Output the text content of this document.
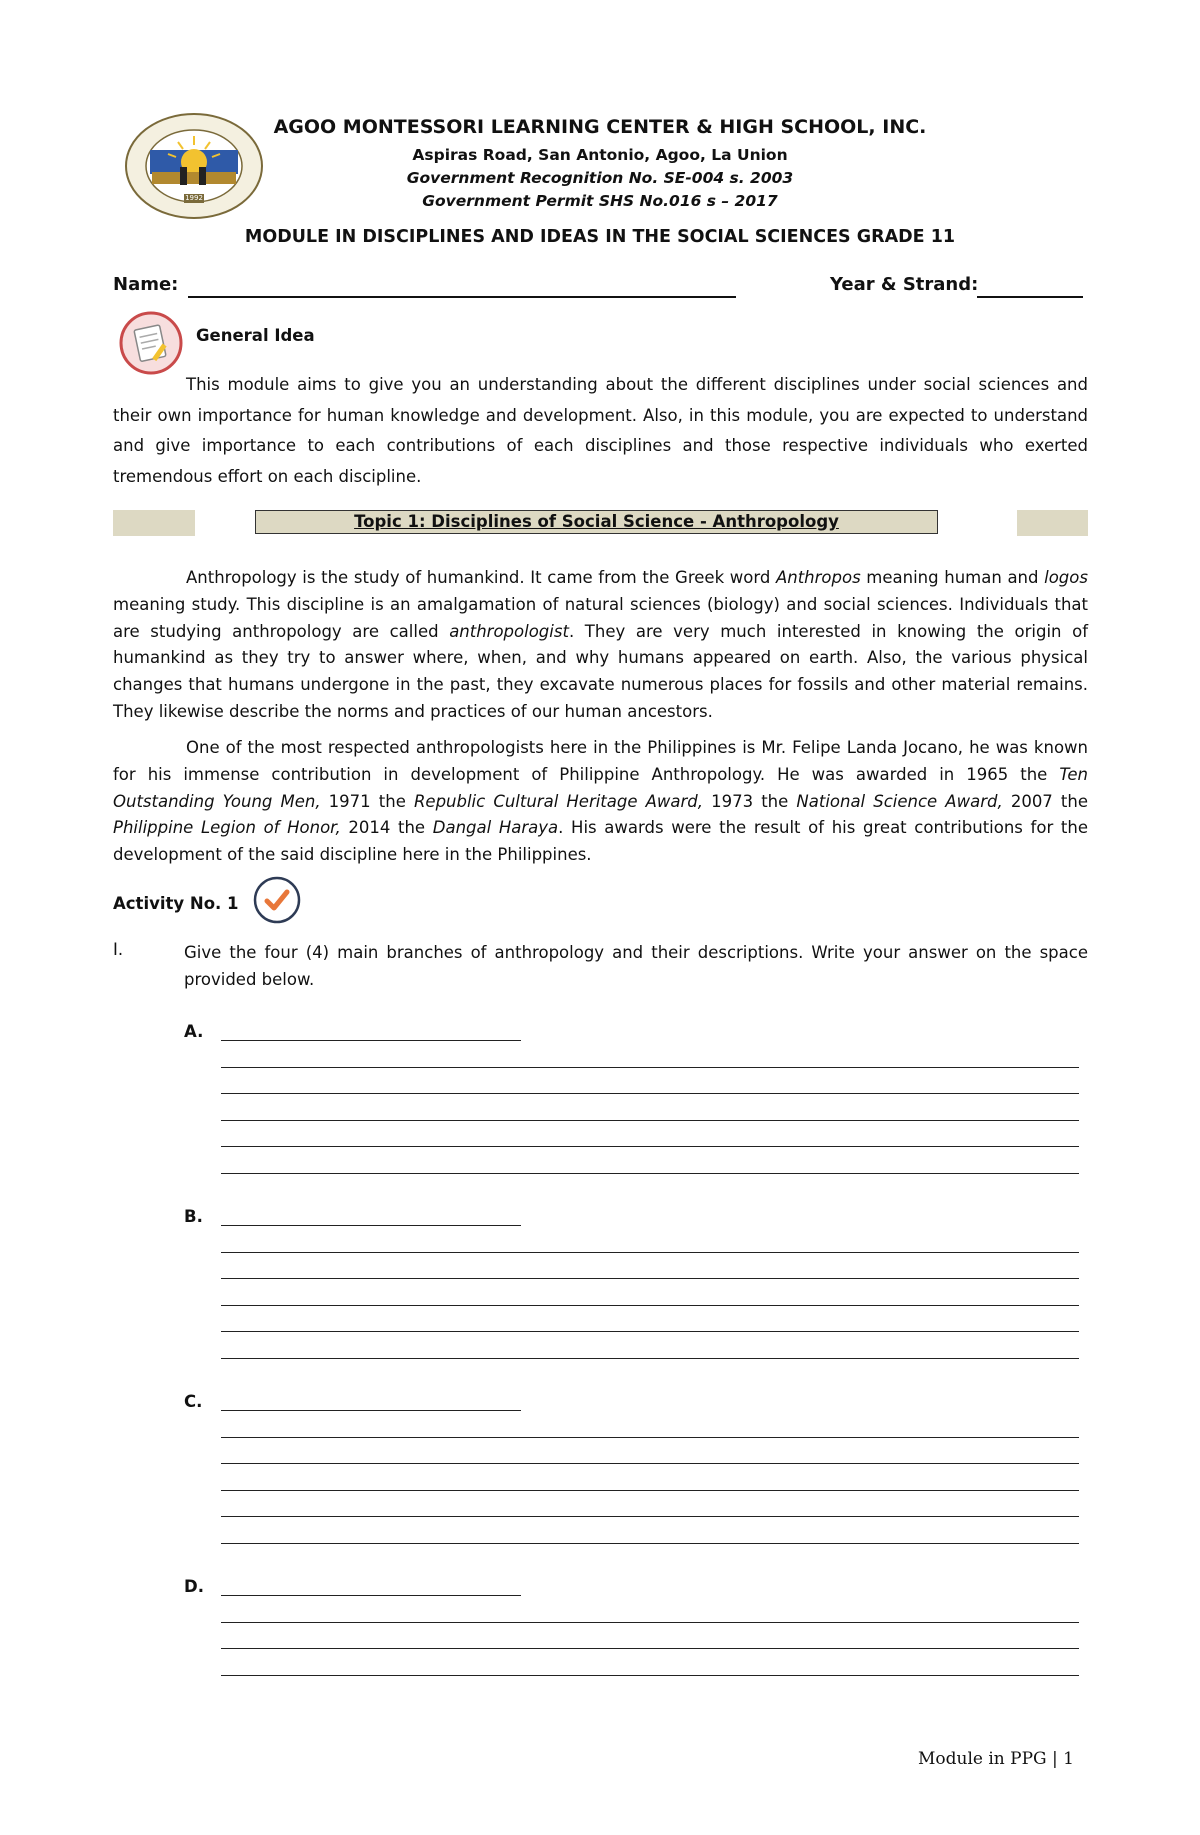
1992
AGOO MONTESSORI LEARNING CENTER & HIGH SCHOOL, INC.
Aspiras Road, San Antonio, Agoo, La Union
Government Recognition No. SE-004 s. 2003
Government Permit SHS No.016 s – 2017
MODULE IN DISCIPLINES AND IDEAS IN THE SOCIAL SCIENCES GRADE 11
Name:	Year & Strand:
General Idea
This module aims to give you an understanding about the different disciplines under social sciences and their own importance for human knowledge and development. Also, in this module, you are expected to understand and give importance to each contributions of each disciplines and those respective individuals who exerted tremendous effort on each discipline.
Topic 1: Disciplines of Social Science - Anthropology
Anthropology is the study of humankind. It came from the Greek word Anthropos meaning human and logos meaning study. This discipline is an amalgamation of natural sciences (biology) and social sciences. Individuals that are studying anthropology are called anthropologist. They are very much interested in knowing the origin of humankind as they try to answer where, when, and why humans appeared on earth. Also, the various physical changes that humans undergone in the past, they excavate numerous places for fossils and other material remains. They likewise describe the norms and practices of our human ancestors.
One of the most respected anthropologists here in the Philippines is Mr. Felipe Landa Jocano, he was known for his immense contribution in development of Philippine Anthropology. He was awarded in 1965 the Ten Outstanding Young Men, 1971 the Republic Cultural Heritage Award, 1973 the National Science Award, 2007 the Philippine Legion of Honor, 2014 the Dangal Haraya. His awards were the result of his great contributions for the development of the said discipline here in the Philippines.
Activity No. 1
I.	Give the four (4) main branches of anthropology and their descriptions. Write your answer on the space provided below.
A.
B.
C.
D.
Module in PPG | 1
